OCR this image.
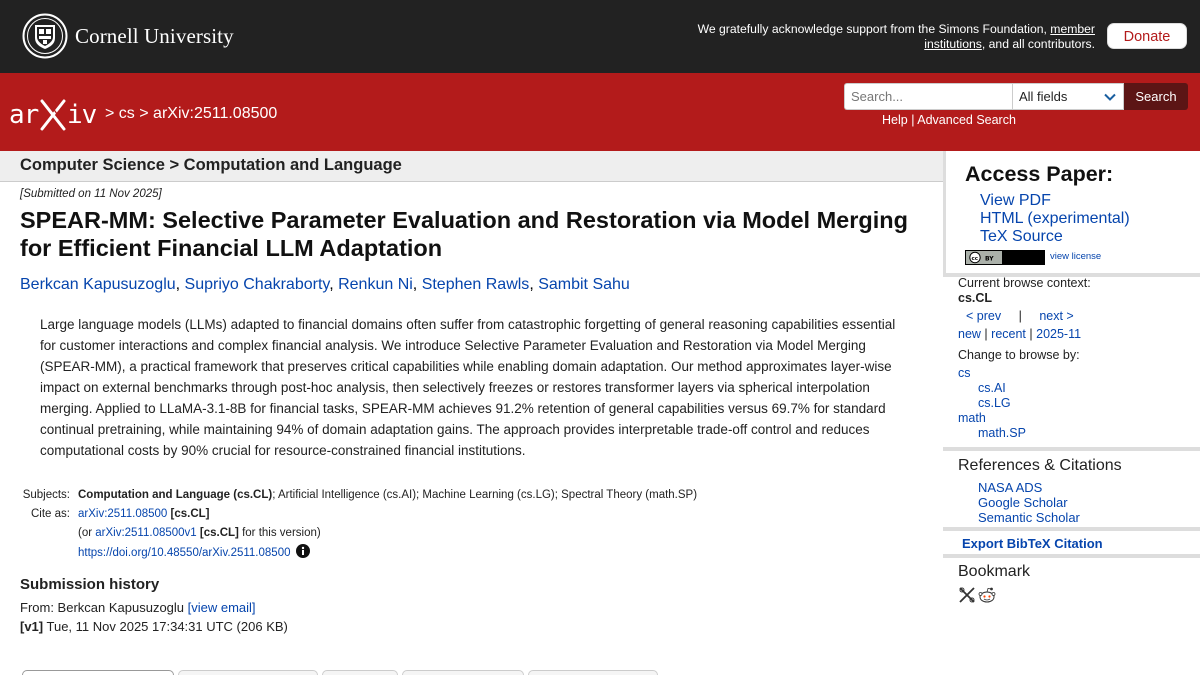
Cornell University	We gratefully acknowledge support from the Simons Foundation, member institutions, and all contributors.	Donate
ar iv > cs > arXiv:2511.08500
Search...
All fields	Search
Help | Advanced Search
Computer Science > Computation and Language
[Submitted on 11 Nov 2025]
SPEAR-MM: Selective Parameter Evaluation and Restoration via Model Merging for Efficient Financial LLM Adaptation
Berkcan Kapusuzoglu, Supriyo Chakraborty, Renkun Ni, Stephen Rawls, Sambit Sahu
Large language models (LLMs) adapted to financial domains often suffer from catastrophic forgetting of general reasoning capabilities essential for customer interactions and complex financial analysis. We introduce Selective Parameter Evaluation and Restoration via Model Merging (SPEAR-MM), a practical framework that preserves critical capabilities while enabling domain adaptation. Our method approximates layer-wise impact on external benchmarks through post-hoc analysis, then selectively freezes or restores transformer layers via spherical interpolation merging. Applied to LLaMA-3.1-8B for financial tasks, SPEAR-MM achieves 91.2% retention of general capabilities versus 69.7% for standard continual pretraining, while maintaining 94% of domain adaptation gains. The approach provides interpretable trade-off control and reduces computational costs by 90% crucial for resource-constrained financial institutions.
Subjects: Computation and Language (cs.CL); Artificial Intelligence (cs.AI); Machine Learning (cs.LG); Spectral Theory (math.SP)
Cite as: arXiv:2511.08500 [cs.CL]
(or arXiv:2511.08500v1 [cs.CL] for this version)
https://doi.org/10.48550/arXiv.2511.08500
Submission history
From: Berkcan Kapusuzoglu [view email]
[v1] Tue, 11 Nov 2025 17:34:31 UTC (206 KB)
Access Paper:
View PDF
HTML (experimental)
TeX Source
cc BY	view license
Current browse context:
cs.CL
< prev | next >
new | recent | 2025-11
Change to browse by:
cs
cs.AI
cs.LG
math
math.SP
References & Citations
NASA ADS
Google Scholar
Semantic Scholar
Export BibTeX Citation
Bookmark
